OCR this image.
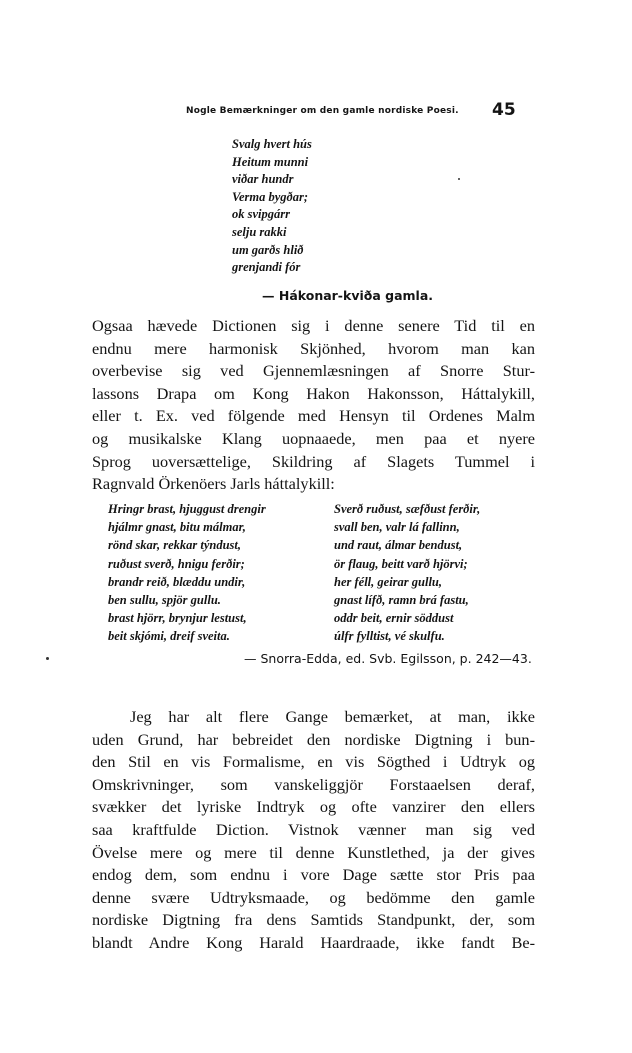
Nogle Bemærkninger om den gamle nordiske Poesi. 45
Svalg hvert hús
Heitum munni
viðar hundr
Verma bygðar;
ok svipgárr
selju rakki
um garðs hlið
grenjandi fór
— Hákonar-kviða gamla.
Ogsaa hævede Dictionen sig i denne senere Tid til en
endnu mere harmonisk Skjönhed, hvorom man kan
overbevise sig ved Gjennemlæsningen af Snorre Stur-
lassons Drapa om Kong Hakon Hakonsson, Háttalykill,
eller t. Ex. ved fölgende med Hensyn til Ordenes Malm
og musikalske Klang uopnaaede, men paa et nyere
Sprog uoversættelige, Skildring af Slagets Tummel i
Ragnvald Örkenöers Jarls háttalykill:
Hringr brast, hjuggust drengir
hjálmr gnast, bitu málmar,
rönd skar, rekkar týndust,
ruðust sverð, hnigu ferðir;
brandr reið, blæddu undir,
ben sullu, spjör gullu.
brast hjörr, brynjur lestust,
beit skjómi, dreif sveita.
Sverð ruðust, sæfðust ferðir,
svall ben, valr lá fallinn,
und raut, álmar bendust,
ör flaug, beitt varð hjörvi;
her féll, geirar gullu,
gnast lífð, ramn brá fastu,
oddr beit, ernir söddust
úlfr fylltist, vé skulfu.
— Snorra-Edda, ed. Svb. Egilsson, p. 242—43.
Jeg har alt flere Gange bemærket, at man, ikke
uden Grund, har bebreidet den nordiske Digtning i bun-
den Stil en vis Formalisme, en vis Sögthed i Udtryk og
Omskrivninger, som vanskeliggjör Forstaaelsen deraf,
svækker det lyriske Indtryk og ofte vanzirer den ellers
saa kraftfulde Diction. Vistnok vænner man sig ved
Övelse mere og mere til denne Kunstlethed, ja der gives
endog dem, som endnu i vore Dage sætte stor Pris paa
denne svære Udtryksmaade, og bedömme den gamle
nordiske Digtning fra dens Samtids Standpunkt, der, som
blandt Andre Kong Harald Haardraade, ikke fandt Be-
